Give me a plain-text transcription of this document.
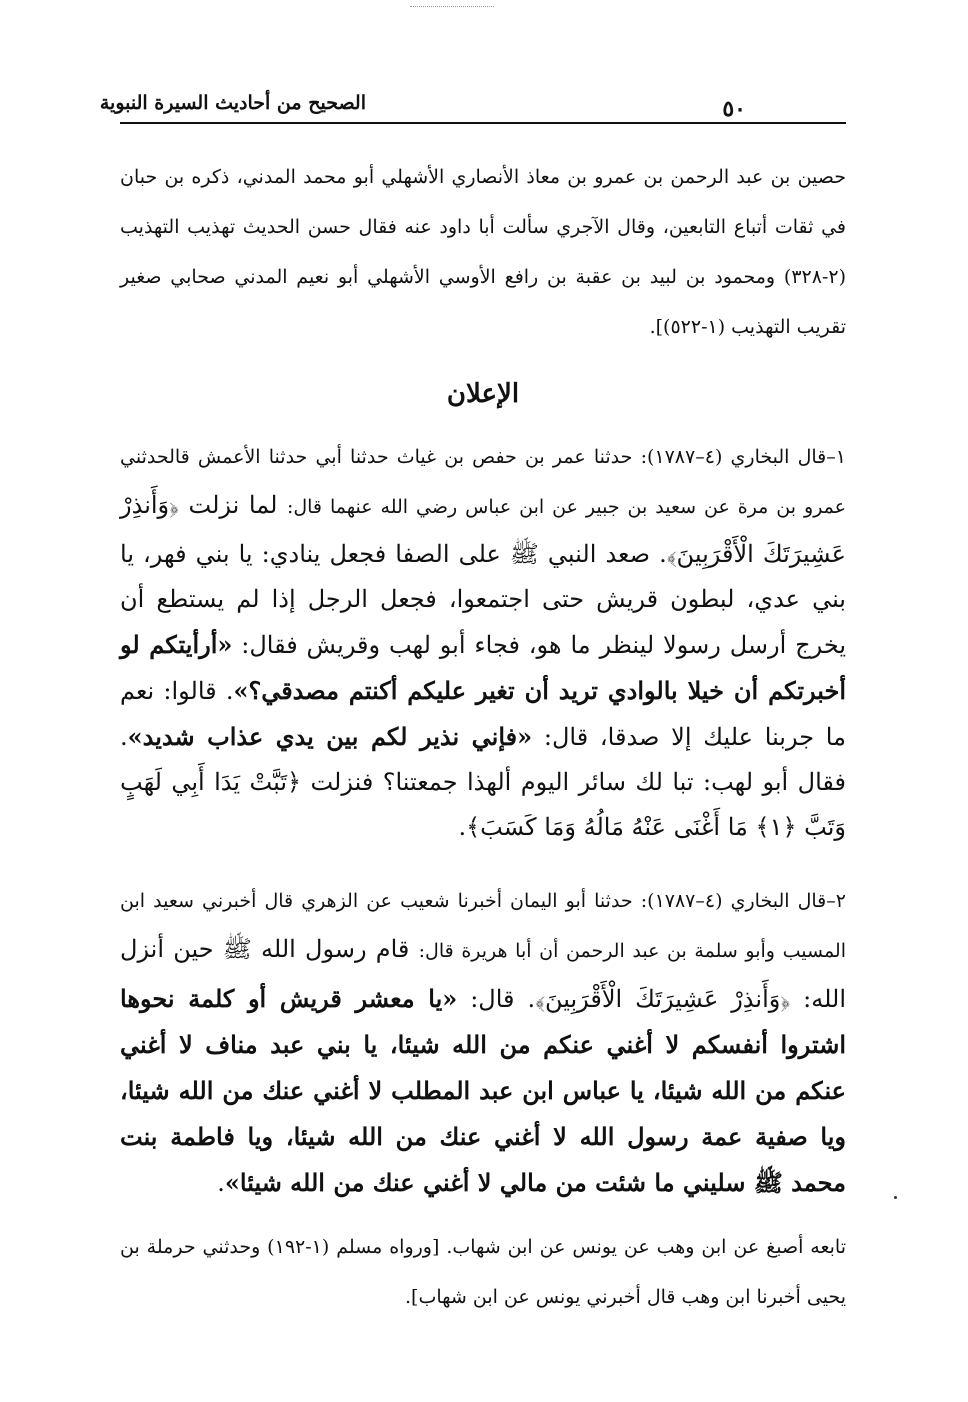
الصحيح من أحاديث السيرة النبوية	٥٠

حصين بن عبد الرحمن بن عمرو بن معاذ الأنصاري الأشهلي أبو محمد المدني، ذكره بن حبان في ثقات أتباع التابعين، وقال الآجري سألت أبا داود عنه فقال حسن الحديث تهذيب التهذيب (٢-٣٢٨) ومحمود بن لبيد بن عقبة بن رافع الأوسي الأشهلي أبو نعيم المدني صحابي صغير تقريب التهذيب (١-٥٢٢)].

الإعلان

١–قال البخاري (٤–١٧٨٧): حدثنا عمر بن حفص بن غياث حدثنا أبي حدثنا الأعمش قالحدثني عمرو بن مرة عن سعيد بن جبير عن ابن عباس رضي الله عنهما قال: لما نزلت ﴿وَأَنذِرْ عَشِيرَتَكَ الْأَقْرَبِينَ﴾. صعد النبي ﷺ على الصفا فجعل ينادي: يا بني فهر، يا بني عدي، لبطون قريش حتى اجتمعوا، فجعل الرجل إذا لم يستطع أن يخرج أرسل رسولا لينظر ما هو، فجاء أبو لهب وقريش فقال: «أرأيتكم لو أخبرتكم أن خيلا بالوادي تريد أن تغير عليكم أكنتم مصدقي؟». قالوا: نعم ما جربنا عليك إلا صدقا، قال: «فإني نذير لكم بين يدي عذاب شديد». فقال أبو لهب: تبا لك سائر اليوم ألهذا جمعتنا؟ فنزلت ﴿تَبَّتْ يَدَا أَبِي لَهَبٍ وَتَبَّ ﴿١﴾ مَا أَغْنَى عَنْهُ مَالُهُ وَمَا كَسَبَ﴾.

٢–قال البخاري (٤–١٧٨٧): حدثنا أبو اليمان أخبرنا شعيب عن الزهري قال أخبرني سعيد ابن المسيب وأبو سلمة بن عبد الرحمن أن أبا هريرة قال: قام رسول الله ﷺ حين أنزل الله: ﴿وَأَنذِرْ عَشِيرَتَكَ الْأَقْرَبِينَ﴾. قال: «يا معشر قريش أو كلمة نحوها اشتروا أنفسكم لا أغني عنكم من الله شيئا، يا بني عبد مناف لا أغني عنكم من الله شيئا، يا عباس ابن عبد المطلب لا أغني عنك من الله شيئا، ويا صفية عمة رسول الله لا أغني عنك من الله شيئا، ويا فاطمة بنت محمد ﷺ سليني ما شئت من مالي لا أغني عنك من الله شيئا».

تابعه أصبغ عن ابن وهب عن يونس عن ابن شهاب. [ورواه مسلم (١-١٩٢) وحدثني حرملة بن يحيى أخبرنا ابن وهب قال أخبرني يونس عن ابن شهاب].
